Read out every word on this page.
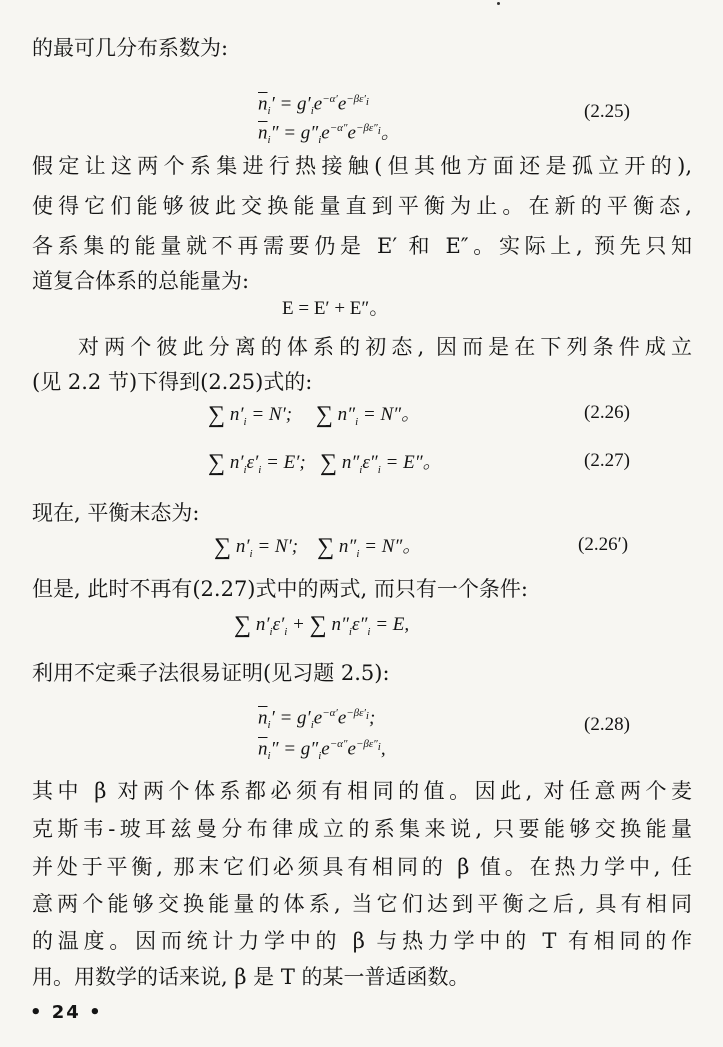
的最可几分布系数为:
$\overline{n}_i' = g'_ie^{-\alpha'}e^{-\beta\varepsilon'_i}$
$\overline{n}_i'' = g''_ie^{-\alpha''}e^{-\beta\varepsilon''_i}$。
(2.25)
假定让这两个系集进行热接触(但其他方面还是孤立开的),
使得它们能够彼此交换能量直到平衡为止。在新的平衡态,
各系集的能量就不再需要仍是 E′ 和 E″。实际上, 预先只知
道复合体系的总能量为:
E = E′ + E″。
对两个彼此分离的体系的初态, 因而是在下列条件成立
(见 2.2 节)下得到(2.25)式的:
∑ $n'_i = N'$;     ∑ $n''_i = N''$。	(2.26)
∑ $n'_i\varepsilon'_i = E'$;   ∑ $n''_i\varepsilon''_i = E''$。	(2.27)
现在, 平衡末态为:
∑ $n'_i = N'$;    ∑ $n''_i = N''$。	(2.26′)
但是, 此时不再有(2.27)式中的两式, 而只有一个条件:
∑ $n'_i\varepsilon'_i$ + ∑ $n''_i\varepsilon''_i = E$,
利用不定乘子法很易证明(见习题 2.5):
$\overline{n}_i' = g'_ie^{-\alpha'}e^{-\beta\varepsilon'_i}$;
$\overline{n}_i'' = g''_ie^{-\alpha''}e^{-\beta\varepsilon''_i}$,
(2.28)
其中 β 对两个体系都必须有相同的值。因此, 对任意两个麦
克斯韦-玻耳兹曼分布律成立的系集来说, 只要能够交换能量
并处于平衡, 那末它们必须具有相同的 β 值。在热力学中, 任
意两个能够交换能量的体系, 当它们达到平衡之后, 具有相同
的温度。因而统计力学中的 β 与热力学中的 T 有相同的作
用。用数学的话来说, β 是 T 的某一普适函数。
• 24 •
